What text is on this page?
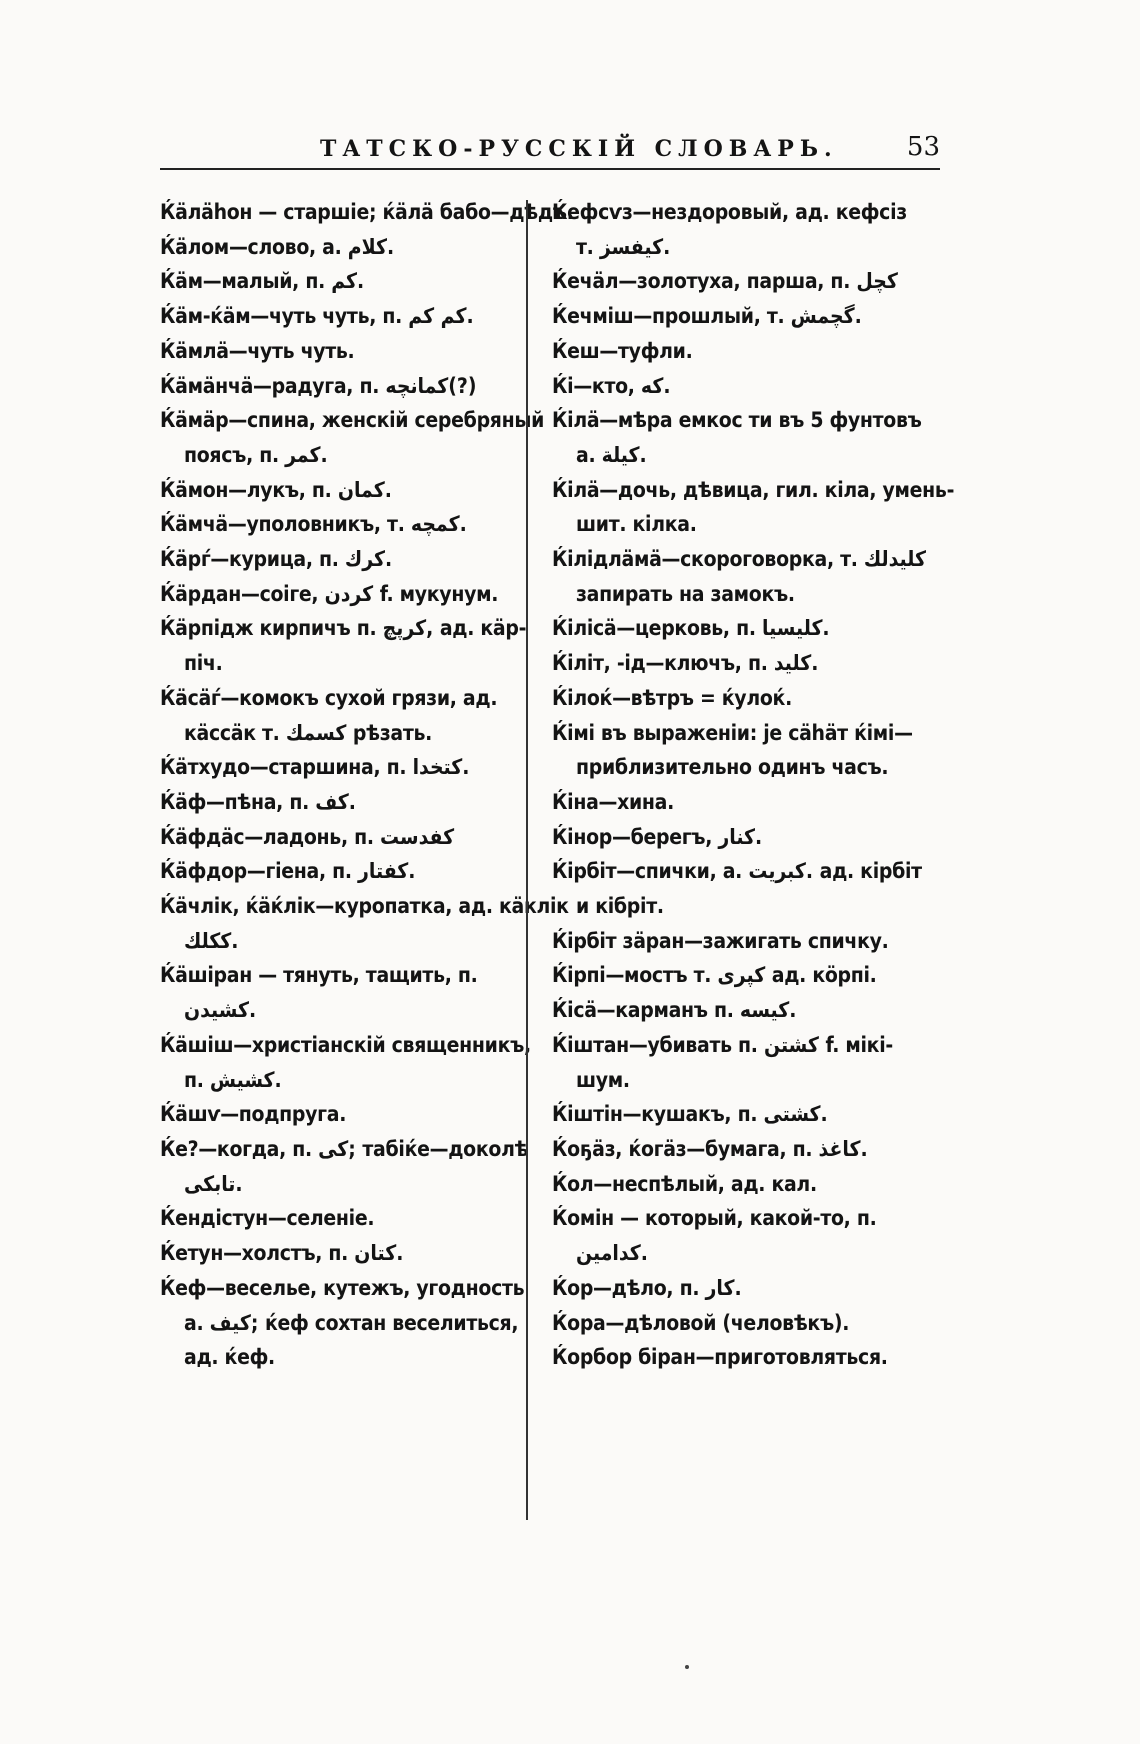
ТАТСКО-РУССКІЙ СЛОВАРЬ.	53
Ќäлähон — старшіе; ќäлä бабо—дѣдъ.
Ќäлом—слово, а. كلام.
Ќäм—малый, п. كم.
Ќäм-ќäм—чуть чуть, п. كم كم.
Ќäмлä—чуть чуть.
Ќäмäнчä—радуга, п. كمانچه(?)
Ќäмäр—спина, женскій серебряный
поясъ, п. كمر.
Ќäмон—лукъ, п. كمان.
Ќäмчä—уполовникъ, т. كمچه.
Ќäрѓ—курица, п. كرك.
Ќäрдан—соіге, كردن f. мукунум.
Ќäрпідж кирпичъ п. كرپچ, ад. кäр-
піч.
Ќäсäѓ—комокъ сухой грязи, ад.
кäссäк т. كسمك рѣзать.
Ќäтхудо—старшина, п. كتخدا.
Ќäф—пѣна, п. كف.
Ќäфдäс—ладонь, п. كفدست
Ќäфдор—гіена, п. كفتار.
Ќäчлік, ќäќлік—куропатка, ад. кäклік
ككلك.
Ќäшіран — тянуть, тащить, п.
كشيدن.
Ќäшіш—христіанскій священникъ,
п. كشيش.
Ќäшѵ—подпруга.
Ќе?—когда, п. كى; табіќе—доколѣ
تابكى.
Ќендістун—селеніе.
Ќетун—холстъ, п. كتان.
Ќеф—веселье, кутежъ, угодность
а. كيف; ќеф сохтан веселиться,
ад. ќеф.
Ќефсѵз—нездоровый, ад. кефсіз
т. كيفسز.
Ќечäл—золотуха, парша, п. كچل
Ќечміш—прошлый, т. گچمش.
Ќеш—туфли.
Ќі—кто, كه.
Ќілä—мѣра емкос ти въ 5 фунтовъ
а. كيلة.
Ќілä—дочь, дѣвица, гил. кіла, умень-
шит. кілка.
Ќілідлäмä—скороговорка, т. كليدلك
запирать на замокъ.
Ќілісä—церковь, п. كليسيا.
Ќіліт, -ід—ключъ, п. كليد.
Ќілоќ—вѣтръ = ќулоќ.
Ќімі въ выраженіи: je сähäт ќімі—
приблизительно одинъ часъ.
Ќіна—хина.
Ќінор—берегъ, كنار.
Ќірбіт—спички, а. كبريت. ад. кірбіт
и кібріт.
Ќірбіт зäран—зажигать спичку.
Ќірпі—мостъ т. كپرى ад. кöрпі.
Ќісä—карманъ п. كيسه.
Ќіштан—убивать п. كشتن f. мікі-
шум.
Ќіштін—кушакъ, п. كشتى.
Ќоҕäз, ќогäз—бумага, п. كاغذ.
Ќол—неспѣлый, ад. кал.
Ќомін — который, какой-то, п.
كدامين.
Ќор—дѣло, п. كار.
Ќора—дѣловой (человѣкъ).
Ќорбор біран—приготовляться.
